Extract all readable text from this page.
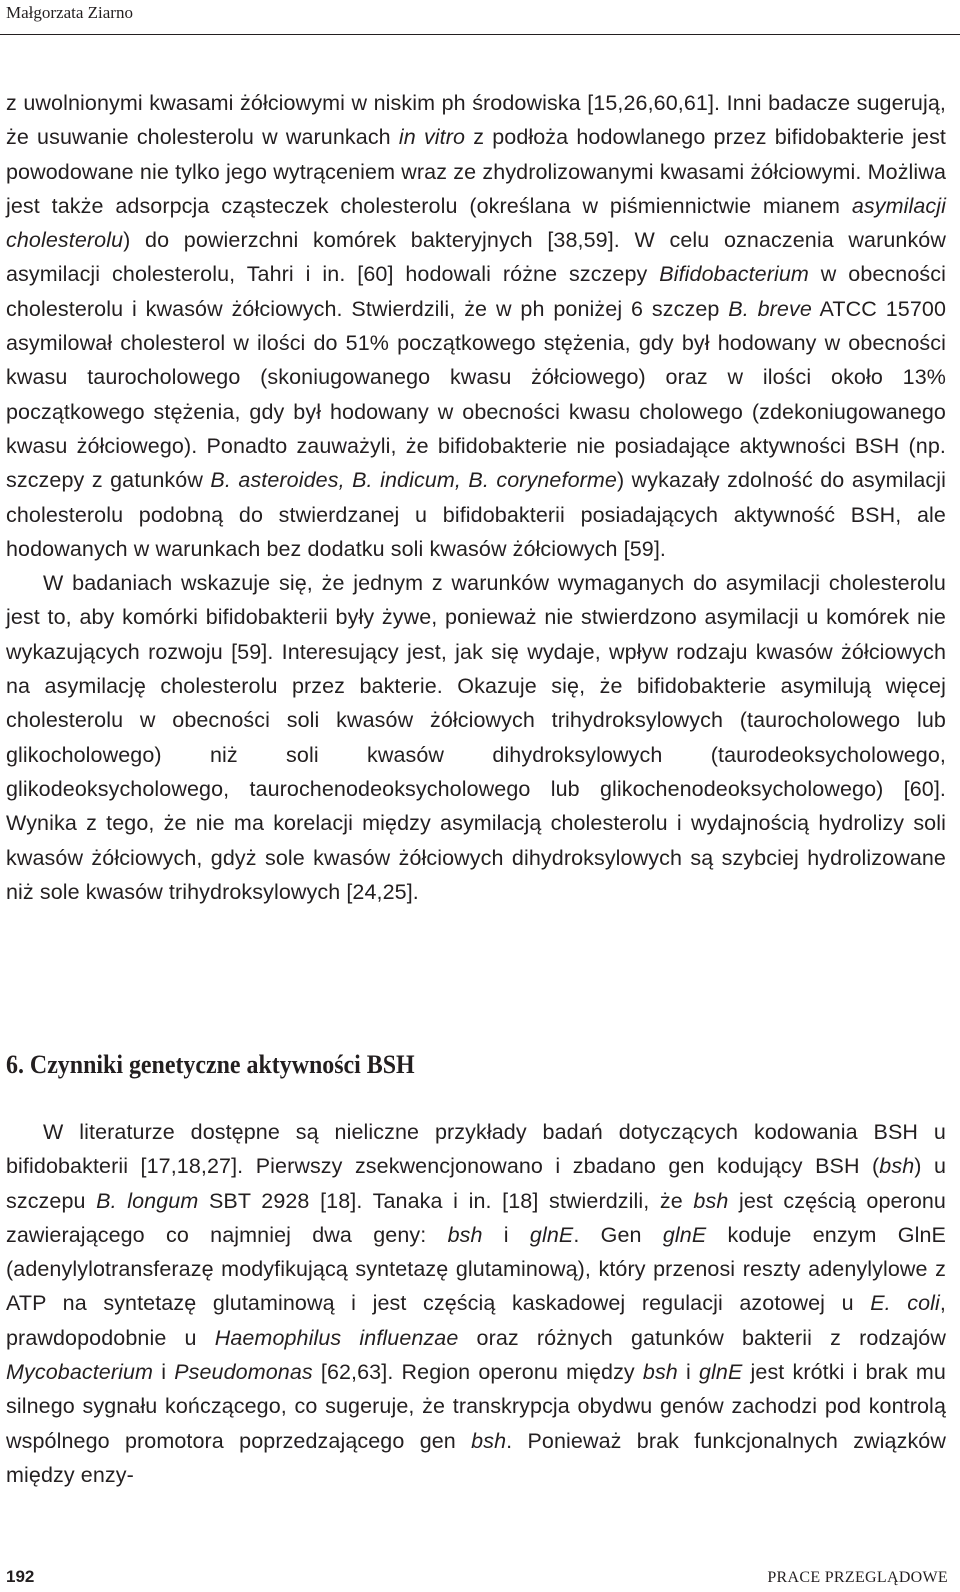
Małgorzata Ziarno

z uwolnionymi kwasami żółciowymi w niskim ph środowiska [15,26,60,61]. Inni badacze sugerują, że usuwanie cholesterolu w warunkach in vitro z podłoża hodowlanego przez bifidobakterie jest powodowane nie tylko jego wytrąceniem wraz ze zhydrolizowanymi kwasami żółciowymi. Możliwa jest także adsorpcja cząsteczek cholesterolu (określana w piśmiennictwie mianem asymilacji cholesterolu) do powierzchni komórek bakteryjnych [38,59]. W celu oznaczenia warunków asymilacji cholesterolu, Tahri i in. [60] hodowali różne szczepy Bifidobacterium w obecności cholesterolu i kwasów żółciowych. Stwierdzili, że w ph poniżej 6 szczep B. breve ATCC 15700 asymilował cholesterol w ilości do 51% początkowego stężenia, gdy był hodowany w obecności kwasu taurocholowego (skoniugowanego kwasu żółciowego) oraz w ilości około 13% początkowego stężenia, gdy był hodowany w obecności kwasu cholowego (zdekoniugowanego kwasu żółciowego). Ponadto zauważyli, że bifidobakterie nie posiadające aktywności BSH (np. szczepy z gatunków B. asteroides, B. indicum, B. coryneforme) wykazały zdolność do asymilacji cholesterolu podobną do stwierdzanej u bifidobakterii posiadających aktywność BSH, ale hodowanych w warunkach bez dodatku soli kwasów żółciowych [59].

W badaniach wskazuje się, że jednym z warunków wymaganych do asymilacji cholesterolu jest to, aby komórki bifidobakterii były żywe, ponieważ nie stwierdzono asymilacji u komórek nie wykazujących rozwoju [59]. Interesujący jest, jak się wydaje, wpływ rodzaju kwasów żółciowych na asymilację cholesterolu przez bakterie. Okazuje się, że bifidobakterie asymilują więcej cholesterolu w obecności soli kwasów żółciowych trihydroksylowych (taurocholowego lub glikocholowego) niż soli kwasów dihydroksylowych (taurodeoksycholowego, glikodeoksycholowego, taurochenodeoksycholowego lub glikochenodeoksycholowego) [60]. Wynika z tego, że nie ma korelacji między asymilacją cholesterolu i wydajnością hydrolizy soli kwasów żółciowych, gdyż sole kwasów żółciowych dihydroksylowych są szybciej hydrolizowane niż sole kwasów trihydroksylowych [24,25].

6. Czynniki genetyczne aktywności BSH

W literaturze dostępne są nieliczne przykłady badań dotyczących kodowania BSH u bifidobakterii [17,18,27]. Pierwszy zsekwencjonowano i zbadano gen kodujący BSH (bsh) u szczepu B. longum SBT 2928 [18]. Tanaka i in. [18] stwierdzili, że bsh jest częścią operonu zawierającego co najmniej dwa geny: bsh i glnE. Gen glnE koduje enzym GlnE (adenylylotransferazę modyfikującą syntetazę glutaminową), który przenosi reszty adenylylowe z ATP na syntetazę glutaminową i jest częścią kaskadowej regulacji azotowej u E. coli, prawdopodobnie u Haemophilus influenzae oraz różnych gatunków bakterii z rodzajów Mycobacterium i Pseudomonas [62,63]. Region operonu między bsh i glnE jest krótki i brak mu silnego sygnału kończącego, co sugeruje, że transkrypcja obydwu genów zachodzi pod kontrolą wspólnego promotora poprzedzającego gen bsh. Ponieważ brak funkcjonalnych związków między enzy-

192	PRACE PRZEGLĄDOWE
